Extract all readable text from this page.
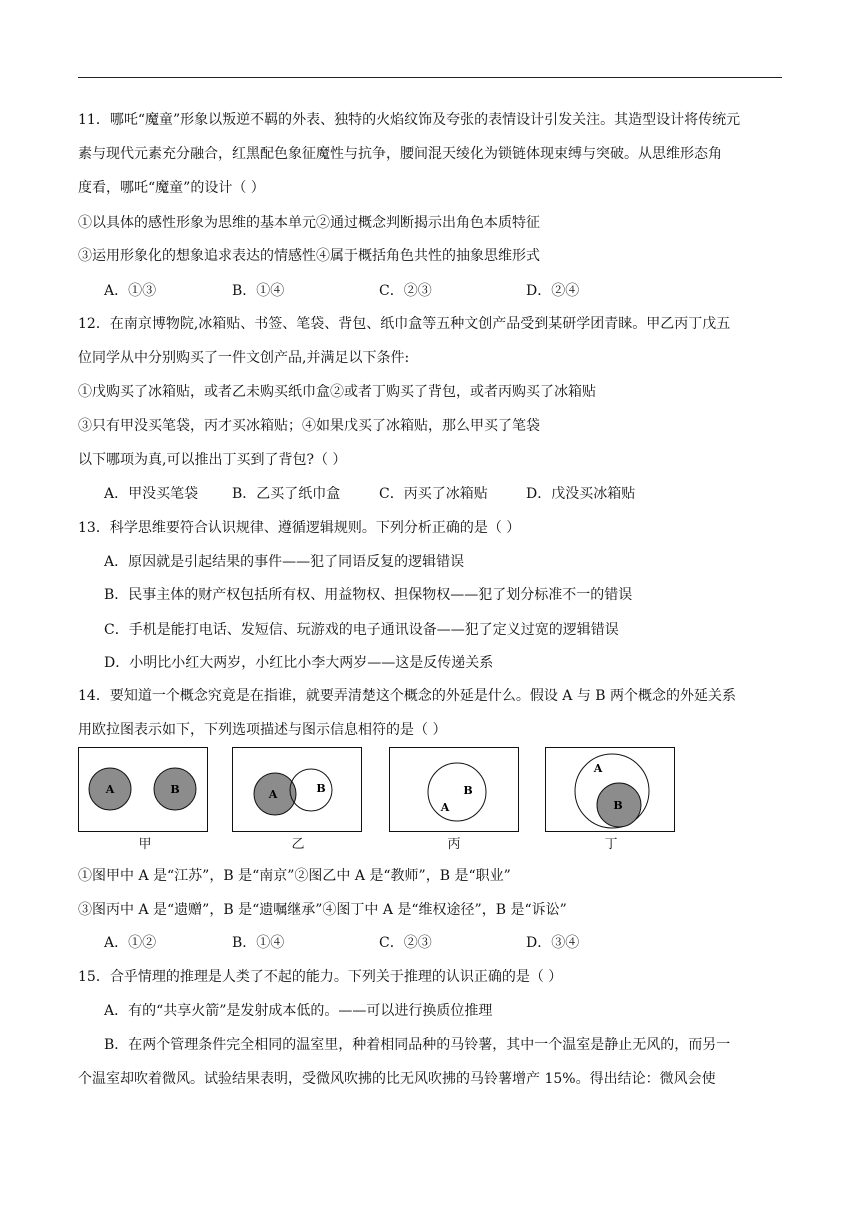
11．哪吒“魔童”形象以叛逆不羁的外表、独特的火焰纹饰及夸张的表情设计引发关注。其造型设计将传统元
素与现代元素充分融合，红黑配色象征魔性与抗争，腰间混天绫化为锁链体现束缚与突破。从思维形态角
度看，哪吒“魔童”的设计（ ）
①以具体的感性形象为思维的基本单元②通过概念判断揭示出角色本质特征
③运用形象化的想象追求表达的情感性④属于概括角色共性的抽象思维形式
A．①③	B．①④	C．②③	D．②④
12．在南京博物院,冰箱贴、书签、笔袋、背包、纸巾盒等五种文创产品受到某研学团青睐。甲乙丙丁戊五
位同学从中分别购买了一件文创产品,并满足以下条件:
①戊购买了冰箱贴，或者乙未购买纸巾盒②或者丁购买了背包，或者丙购买了冰箱贴
③只有甲没买笔袋，丙才买冰箱贴；④如果戊买了冰箱贴，那么甲买了笔袋
以下哪项为真,可以推出丁买到了背包?（ ）
A．甲没买笔袋 B．乙买了纸巾盒	C．丙买了冰箱贴	D．戊没买冰箱贴
13．科学思维要符合认识规律、遵循逻辑规则。下列分析正确的是（ ）
A．原因就是引起结果的事件——犯了同语反复的逻辑错误
B．民事主体的财产权包括所有权、用益物权、担保物权——犯了划分标准不一的错误
C．手机是能打电话、发短信、玩游戏的电子通讯设备——犯了定义过宽的逻辑错误
D．小明比小红大两岁，小红比小李大两岁——这是反传递关系
14．要知道一个概念究竟是在指谁，就要弄清楚这个概念的外延是什么。假设 A 与 B 两个概念的外延关系
用欧拉图表示如下，下列选项描述与图示信息相符的是（ ）
A	B
甲
A	B
乙
B
A
丙
A
B
丁
①图甲中 A 是“江苏”，B 是“南京”②图乙中 A 是“教师”，B 是“职业”
③图丙中 A 是“遗赠”，B 是“遗嘱继承”④图丁中 A 是“维权途径”，B 是“诉讼”
A．①②	B．①④	C．②③	D．③④
15．合乎情理的推理是人类了不起的能力。下列关于推理的认识正确的是（ ）
A．有的“共享火箭”是发射成本低的。——可以进行换质位推理
B．在两个管理条件完全相同的温室里，种着相同品种的马铃薯，其中一个温室是静止无风的，而另一
个温室却吹着微风。试验结果表明，受微风吹拂的比无风吹拂的马铃薯增产 15%。得出结论：微风会使
